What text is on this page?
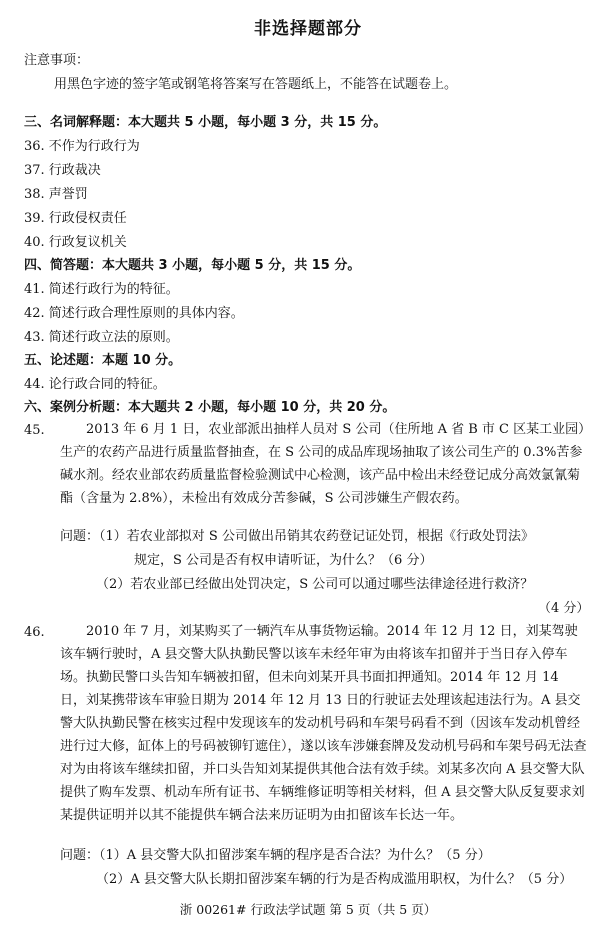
非选择题部分
注意事项：
用黑色字迹的签字笔或钢笔将答案写在答题纸上，不能答在试题卷上。
三、名词解释题：本大题共 5 小题，每小题 3 分，共 15 分。
36. 不作为行政行为
37. 行政裁决
38. 声誉罚
39. 行政侵权责任
40. 行政复议机关
四、简答题：本大题共 3 小题，每小题 5 分，共 15 分。
41. 简述行政行为的特征。
42. 简述行政合理性原则的具体内容。
43. 简述行政立法的原则。
五、论述题：本题 10 分。
44. 论行政合同的特征。
六、案例分析题：本大题共 2 小题，每小题 10 分，共 20 分。
45.	2013 年 6 月 1 日，农业部派出抽样人员对 S 公司（住所地 A 省 B 市 C 区某工业园）生产的农药产品进行质量监督抽查，在 S 公司的成品库现场抽取了该公司生产的 0.3%苦参碱水剂。经农业部农药质量监督检验测试中心检测，该产品中检出未经登记成分高效氯氰菊酯（含量为 2.8%），未检出有效成分苦参碱，S 公司涉嫌生产假农药。

问题：（1）若农业部拟对 S 公司做出吊销其农药登记证处罚，根据《行政处罚法》
规定，S 公司是否有权申请听证，为什么？（6 分）
（2）若农业部已经做出处罚决定，S 公司可以通过哪些法律途径进行救济？
（4 分）
46.	2010 年 7 月，刘某购买了一辆汽车从事货物运输。2014 年 12 月 12 日，刘某驾驶该车辆行驶时，A 县交警大队执勤民警以该车未经年审为由将该车扣留并于当日存入停车场。执勤民警口头告知车辆被扣留，但未向刘某开具书面扣押通知。2014 年 12 月 14 日，刘某携带该车审验日期为 2014 年 12 月 13 日的行驶证去处理该起违法行为。A 县交警大队执勤民警在核实过程中发现该车的发动机号码和车架号码看不到（因该车发动机曾经进行过大修，缸体上的号码被铆钉遮住），遂以该车涉嫌套牌及发动机号码和车架号码无法查对为由将该车继续扣留，并口头告知刘某提供其他合法有效手续。刘某多次向 A 县交警大队提供了购车发票、机动车所有证书、车辆维修证明等相关材料，但 A 县交警大队反复要求刘某提供证明并以其不能提供车辆合法来历证明为由扣留该车长达一年。

问题：（1）A 县交警大队扣留涉案车辆的程序是否合法？为什么？（5 分）
（2）A 县交警大队长期扣留涉案车辆的行为是否构成滥用职权，为什么？（5 分）
浙 00261# 行政法学试题 第 5 页（共 5 页）
